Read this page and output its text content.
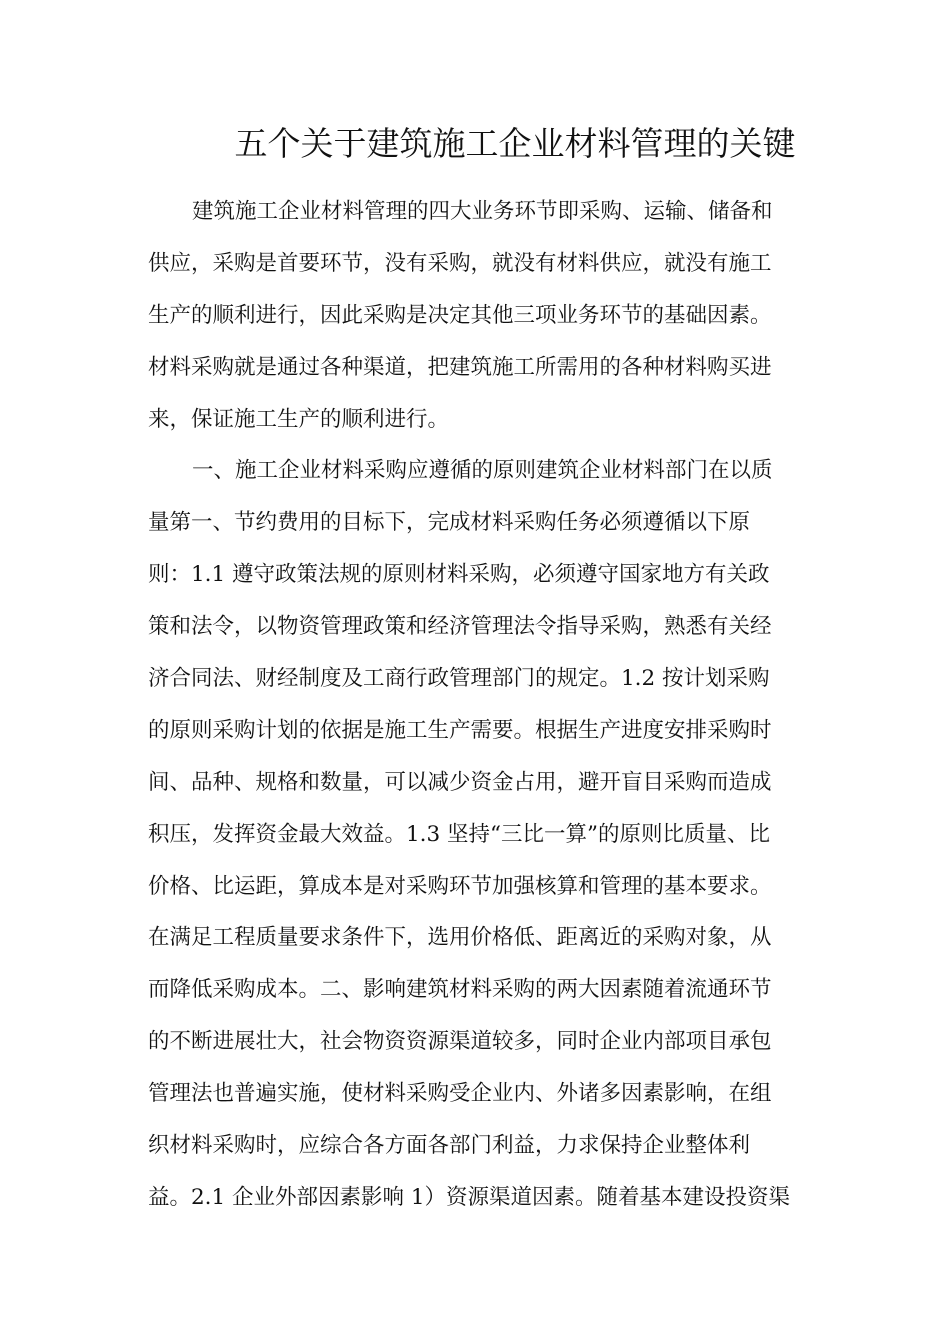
五个关于建筑施工企业材料管理的关键
建筑施工企业材料管理的四大业务环节即采购、运输、储备和
供应，采购是首要环节，没有采购，就没有材料供应，就没有施工
生产的顺利进行，因此采购是决定其他三项业务环节的基础因素。
材料采购就是通过各种渠道，把建筑施工所需用的各种材料购买进
来，保证施工生产的顺利进行。
一、施工企业材料采购应遵循的原则建筑企业材料部门在以质
量第一、节约费用的目标下，完成材料采购任务必须遵循以下原
则：1.1 遵守政策法规的原则材料采购，必须遵守国家地方有关政
策和法令，以物资管理政策和经济管理法令指导采购，熟悉有关经
济合同法、财经制度及工商行政管理部门的规定。1.2 按计划采购
的原则采购计划的依据是施工生产需要。根据生产进度安排采购时
间、品种、规格和数量，可以减少资金占用，避开盲目采购而造成
积压，发挥资金最大效益。1.3 坚持“三比一算”的原则比质量、比
价格、比运距，算成本是对采购环节加强核算和管理的基本要求。
在满足工程质量要求条件下，选用价格低、距离近的采购对象，从
而降低采购成本。二、影响建筑材料采购的两大因素随着流通环节
的不断进展壮大，社会物资资源渠道较多，同时企业内部项目承包
管理法也普遍实施，使材料采购受企业内、外诸多因素影响，在组
织材料采购时，应综合各方面各部门利益，力求保持企业整体利
益。2.1 企业外部因素影响 1）资源渠道因素。随着基本建设投资渠
